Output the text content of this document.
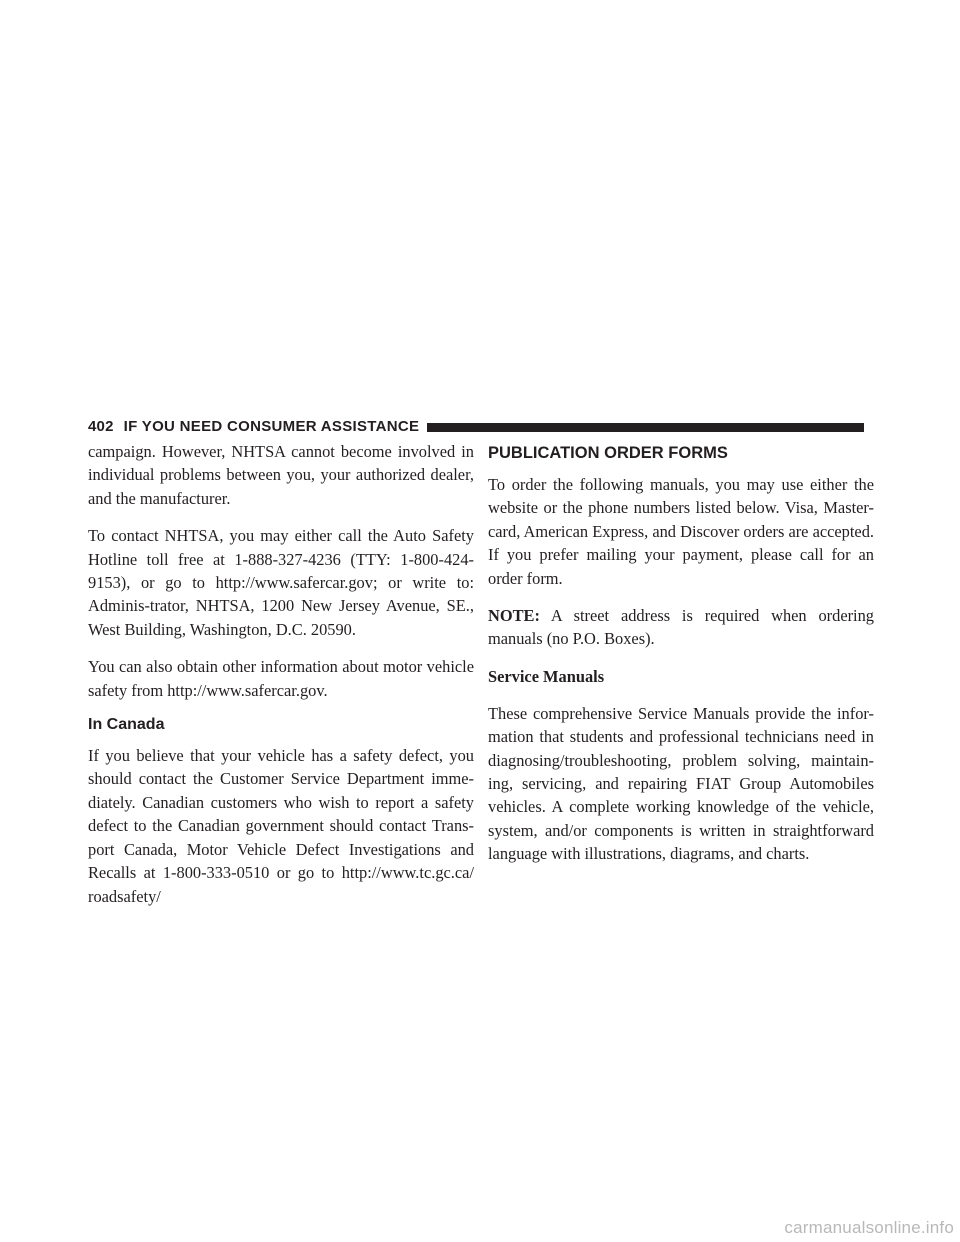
402 IF YOU NEED CONSUMER ASSISTANCE

campaign. However, NHTSA cannot become involved in individual problems between you, your authorized dealer, and the manufacturer.

To contact NHTSA, you may either call the Auto Safety Hotline toll free at 1-888-327-4236 (TTY: 1-800-424-9153), or go to http://www.safercar.gov; or write to: Adminis-trator, NHTSA, 1200 New Jersey Avenue, SE., West Building, Washington, D.C. 20590.

You can also obtain other information about motor vehicle safety from http://www.safercar.gov.

In Canada

If you believe that your vehicle has a safety defect, you should contact the Customer Service Department imme-diately. Canadian customers who wish to report a safety defect to the Canadian government should contact Trans-port Canada, Motor Vehicle Defect Investigations and Recalls at 1-800-333-0510 or go to http://www.tc.gc.ca/ roadsafety/

PUBLICATION ORDER FORMS

To order the following manuals, you may use either the website or the phone numbers listed below. Visa, Master-card, American Express, and Discover orders are accepted. If you prefer mailing your payment, please call for an order form.

NOTE: A street address is required when ordering manuals (no P.O. Boxes).

Service Manuals

These comprehensive Service Manuals provide the infor-mation that students and professional technicians need in diagnosing/troubleshooting, problem solving, maintain-ing, servicing, and repairing FIAT Group Automobiles vehicles. A complete working knowledge of the vehicle, system, and/or components is written in straightforward language with illustrations, diagrams, and charts.

carmanualsonline.info
